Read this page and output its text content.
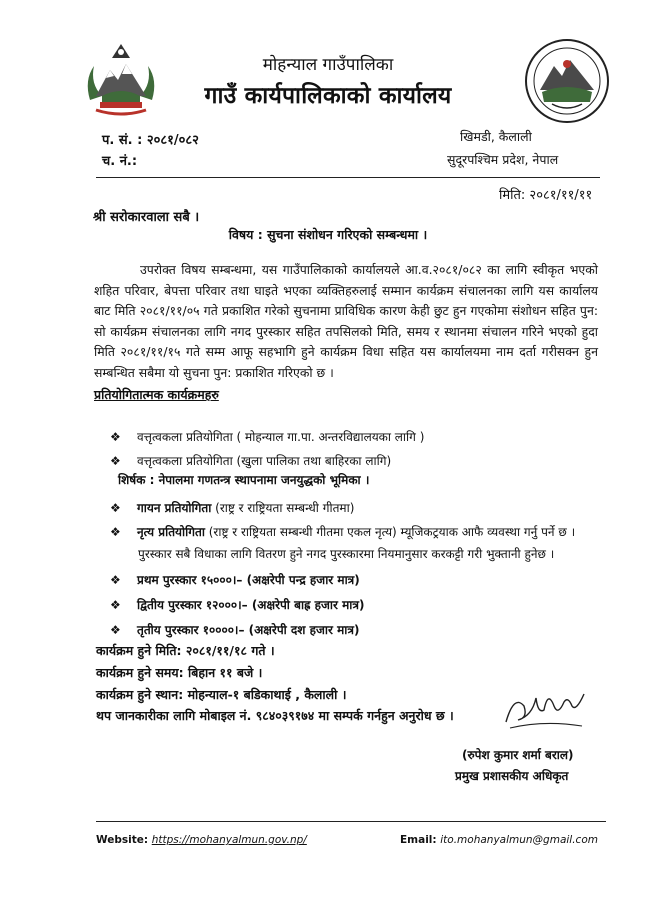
मोहन्याल गाउँपालिका
गाउँ कार्यपालिकाको कार्यालय
प. सं. : २०८१/०८२
च. नं.:
खिमडी, कैलाली
सुदूरपश्चिम प्रदेश, नेपाल
मिति: २०८१/११/११
श्री सरोकारवाला सबै ।
विषय : सुचना संशोधन गरिएको सम्बन्धमा ।
उपरोक्त विषय सम्बन्धमा, यस गाउँपालिकाको कार्यालयले आ.व.२०८१/०८२ का लागि स्वीकृत भएको शहित परिवार, बेपत्ता परिवार तथा घाइते भएका व्यक्तिहरुलाई सम्मान कार्यक्रम संचालनका लागि यस कार्यालय बाट मिति २०८१/११/०५ गते प्रकाशित गरेको सुचनामा प्राविधिक कारण केही छुट हुन गएकोमा संशोधन सहित पुन: सो कार्यक्रम संचालनका लागि नगद पुरस्कार सहित तपसिलको मिति, समय र स्थानमा संचालन गरिने भएको हुदा मिति २०८१/११/१५ गते सम्म आफू सहभागि हुने कार्यक्रम विधा सहित यस कार्यालयमा नाम दर्ता गरीसक्न हुन सम्बन्धित सबैमा यो सुचना पुन: प्रकाशित गरिएको छ ।
प्रतियोगितात्मक कार्यक्रमहरु
❖ वत्तृत्वकला प्रतियोगिता ( मोहन्याल गा.पा. अन्तरविद्यालयका लागि )
❖ वत्तृत्वकला प्रतियोगिता (खुला पालिका तथा बाहिरका लागि)
शिर्षक : नेपालमा गणतन्त्र स्थापनामा जनयुद्धको भूमिका ।
❖ गायन प्रतियोगिता (राष्ट्र र राष्ट्रियता सम्बन्धी गीतमा)
❖ नृत्य प्रतियोगिता (राष्ट्र र राष्ट्रियता सम्बन्धी गीतमा एकल नृत्य) म्यूजिकट्रयाक आफै व्यवस्था गर्नु पर्ने छ ।
पुरस्कार सबै विधाका लागि वितरण हुने नगद पुरस्कारमा नियमानुसार करकट्टी गरी भुक्तानी हुनेछ ।
❖ प्रथम पुरस्कार १५०००।– (अक्षरेपी पन्द्र हजार मात्र)
❖ द्वितीय पुरस्कार १२०००।– (अक्षरेपी बाह्र हजार मात्र)
❖ तृतीय पुरस्कार १००००।– (अक्षरेपी दश हजार मात्र)
कार्यक्रम हुने मिति: २०८१/११/१८ गते ।
कार्यक्रम हुने समय: बिहान ११ बजे ।
कार्यक्रम हुने स्थान: मोहन्याल-१ बडिकाथाई , कैलाली ।
थप जानकारीका लागि मोबाइल नं. ९८४०३९१७४ मा सम्पर्क गर्नहुन अनुरोध छ ।
(रुपेश कुमार शर्मा बराल)
प्रमुख प्रशासकीय अधिकृत
Website: https://mohanyalmun.gov.np/	Email: ito.mohanyalmun@gmail.com
